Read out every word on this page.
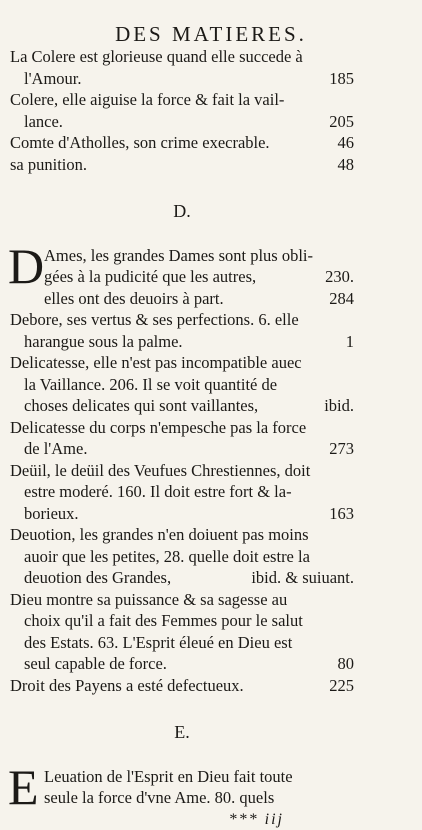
DES MATIERES.

La Colere est glorieuse quand elle succede à

l'Amour.	185

Colere, elle aiguise la force & fait la vail-

lance.	205

Comte d'Atholles, son crime execrable.	46

sa punition.	48

D.
D Ames, les grandes Dames sont plus obli-

gées à la pudicité que les autres,	230.

elles ont des deuoirs à part.	284

Debore, ses vertus & ses perfections. 6. elle

harangue sous la palme.	1

Delicatesse, elle n'est pas incompatible auec

la Vaillance. 206. Il se voit quantité de

choses delicates qui sont vaillantes,	ibid.

Delicatesse du corps n'empesche pas la force

de l'Ame.	273

Deüil, le deüil des Veufues Chrestiennes, doit

estre moderé. 160. Il doit estre fort & la-

borieux.	163

Deuotion, les grandes n'en doiuent pas moins

auoir que les petites, 28. quelle doit estre la

deuotion des Grandes,	ibid. & suiuant.

Dieu montre sa puissance & sa sagesse au

choix qu'il a fait des Femmes pour le salut

des Estats. 63. L'Esprit éleué en Dieu est

seul capable de force.	80

Droit des Payens a esté defectueux.	225

E.
E Leuation de l'Esprit en Dieu fait toute

seule la force d'vne Ame. 80. quels

*** iij
